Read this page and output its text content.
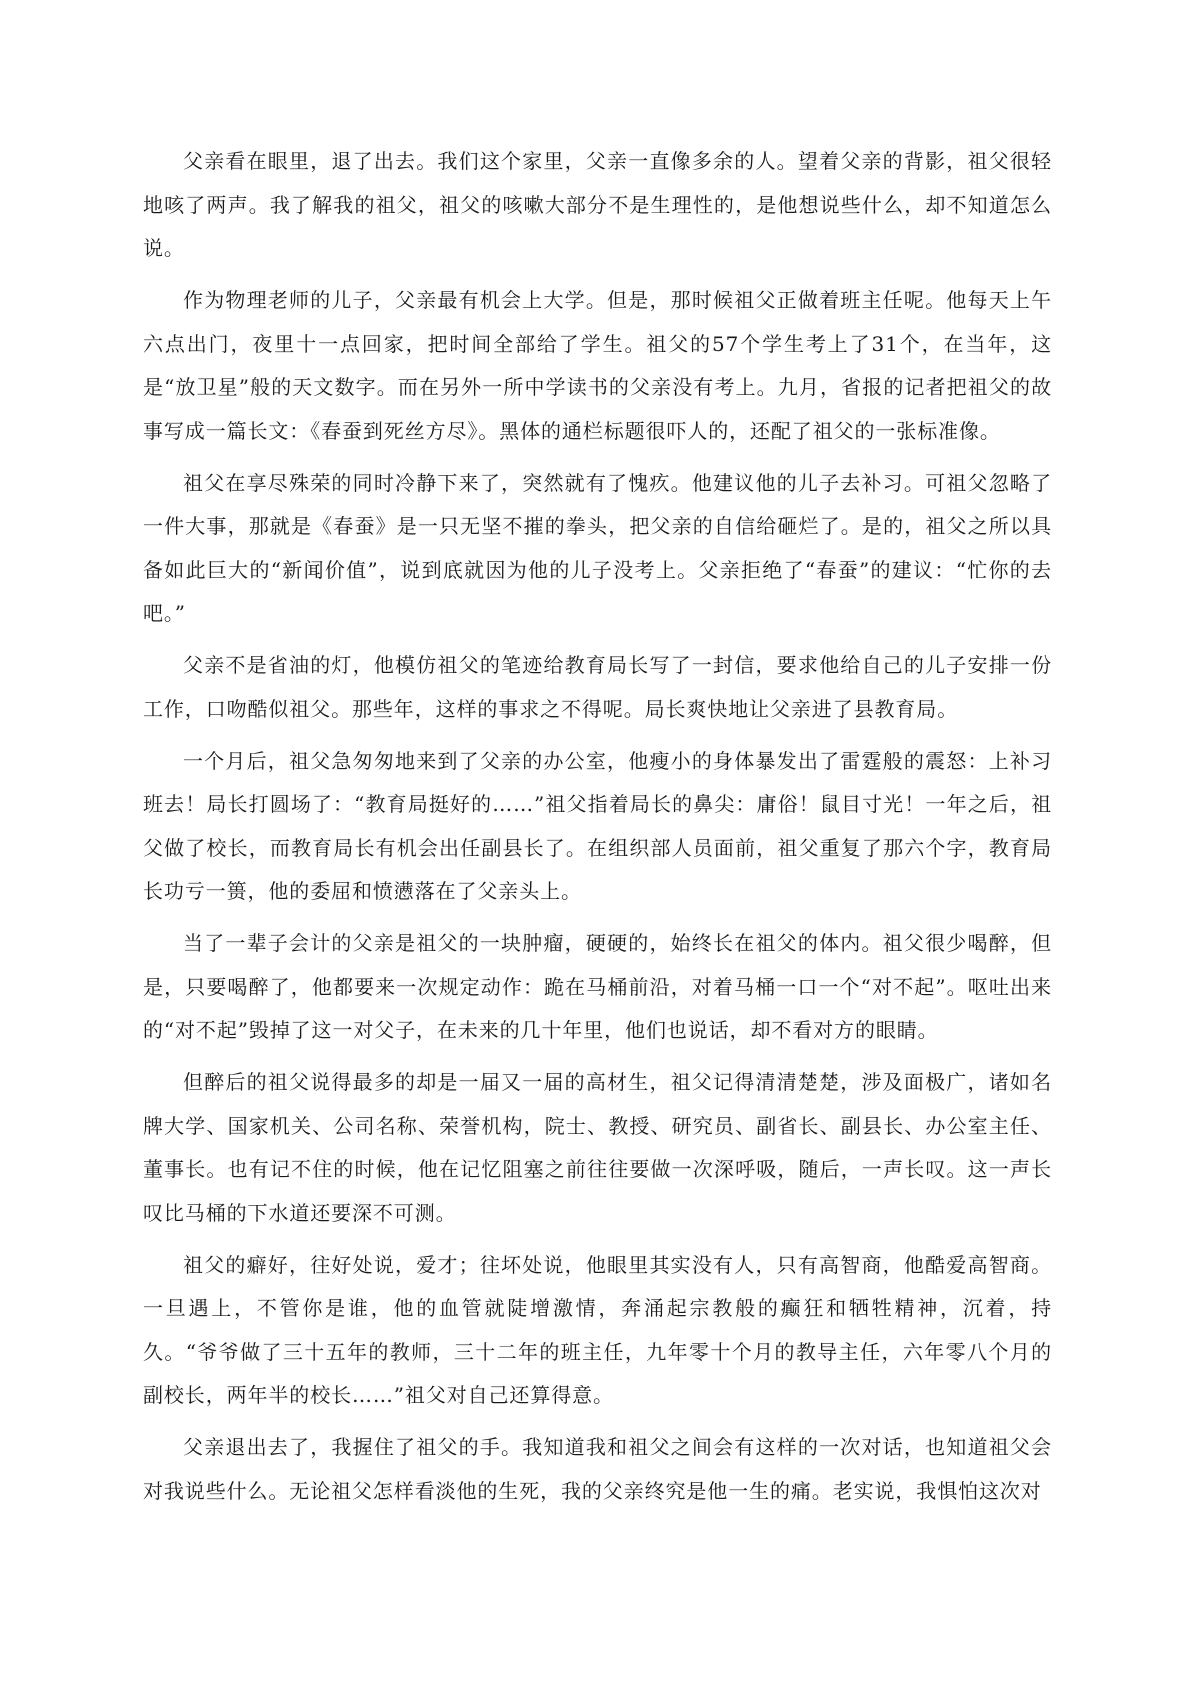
父亲看在眼里，退了出去。我们这个家里，父亲一直像多余的人。望着父亲的背影，祖父很轻地咳了两声。我了解我的祖父，祖父的咳嗽大部分不是生理性的，是他想说些什么，却不知道怎么说。

作为物理老师的儿子，父亲最有机会上大学。但是，那时候祖父正做着班主任呢。他每天上午六点出门，夜里十一点回家，把时间全部给了学生。祖父的57个学生考上了31个，在当年，这是“放卫星”般的天文数字。而在另外一所中学读书的父亲没有考上。九月，省报的记者把祖父的故事写成一篇长文：《春蚕到死丝方尽》。黑体的通栏标题很吓人的，还配了祖父的一张标准像。

祖父在享尽殊荣的同时冷静下来了，突然就有了愧疚。他建议他的儿子去补习。可祖父忽略了一件大事，那就是《春蚕》是一只无坚不摧的拳头，把父亲的自信给砸烂了。是的，祖父之所以具备如此巨大的“新闻价值”，说到底就因为他的儿子没考上。父亲拒绝了“春蚕”的建议：“忙你的去吧。”

父亲不是省油的灯，他模仿祖父的笔迹给教育局长写了一封信，要求他给自己的儿子安排一份工作，口吻酷似祖父。那些年，这样的事求之不得呢。局长爽快地让父亲进了县教育局。

一个月后，祖父急匆匆地来到了父亲的办公室，他瘦小的身体暴发出了雷霆般的震怒：上补习班去！局长打圆场了：“教育局挺好的……”祖父指着局长的鼻尖：庸俗！鼠目寸光！一年之后，祖父做了校长，而教育局长有机会出任副县长了。在组织部人员面前，祖父重复了那六个字，教育局长功亏一篑，他的委屈和愤懑落在了父亲头上。

当了一辈子会计的父亲是祖父的一块肿瘤，硬硬的，始终长在祖父的体内。祖父很少喝醉，但是，只要喝醉了，他都要来一次规定动作：跪在马桶前沿，对着马桶一口一个“对不起”。呕吐出来的“对不起”毁掉了这一对父子，在未来的几十年里，他们也说话，却不看对方的眼睛。

但醉后的祖父说得最多的却是一届又一届的高材生，祖父记得清清楚楚，涉及面极广，诸如名牌大学、国家机关、公司名称、荣誉机构，院士、教授、研究员、副省长、副县长、办公室主任、董事长。也有记不住的时候，他在记忆阻塞之前往往要做一次深呼吸，随后，一声长叹。这一声长叹比马桶的下水道还要深不可测。

祖父的癖好，往好处说，爱才；往坏处说，他眼里其实没有人，只有高智商，他酷爱高智商。一旦遇上，不管你是谁，他的血管就陡增激情，奔涌起宗教般的癫狂和牺牲精神，沉着，持久。“爷爷做了三十五年的教师，三十二年的班主任，九年零十个月的教导主任，六年零八个月的副校长，两年半的校长……”祖父对自己还算得意。

父亲退出去了，我握住了祖父的手。我知道我和祖父之间会有这样的一次对话，也知道祖父会对我说些什么。无论祖父怎样看淡他的生死，我的父亲终究是他一生的痛。老实说，我惧怕这次对
